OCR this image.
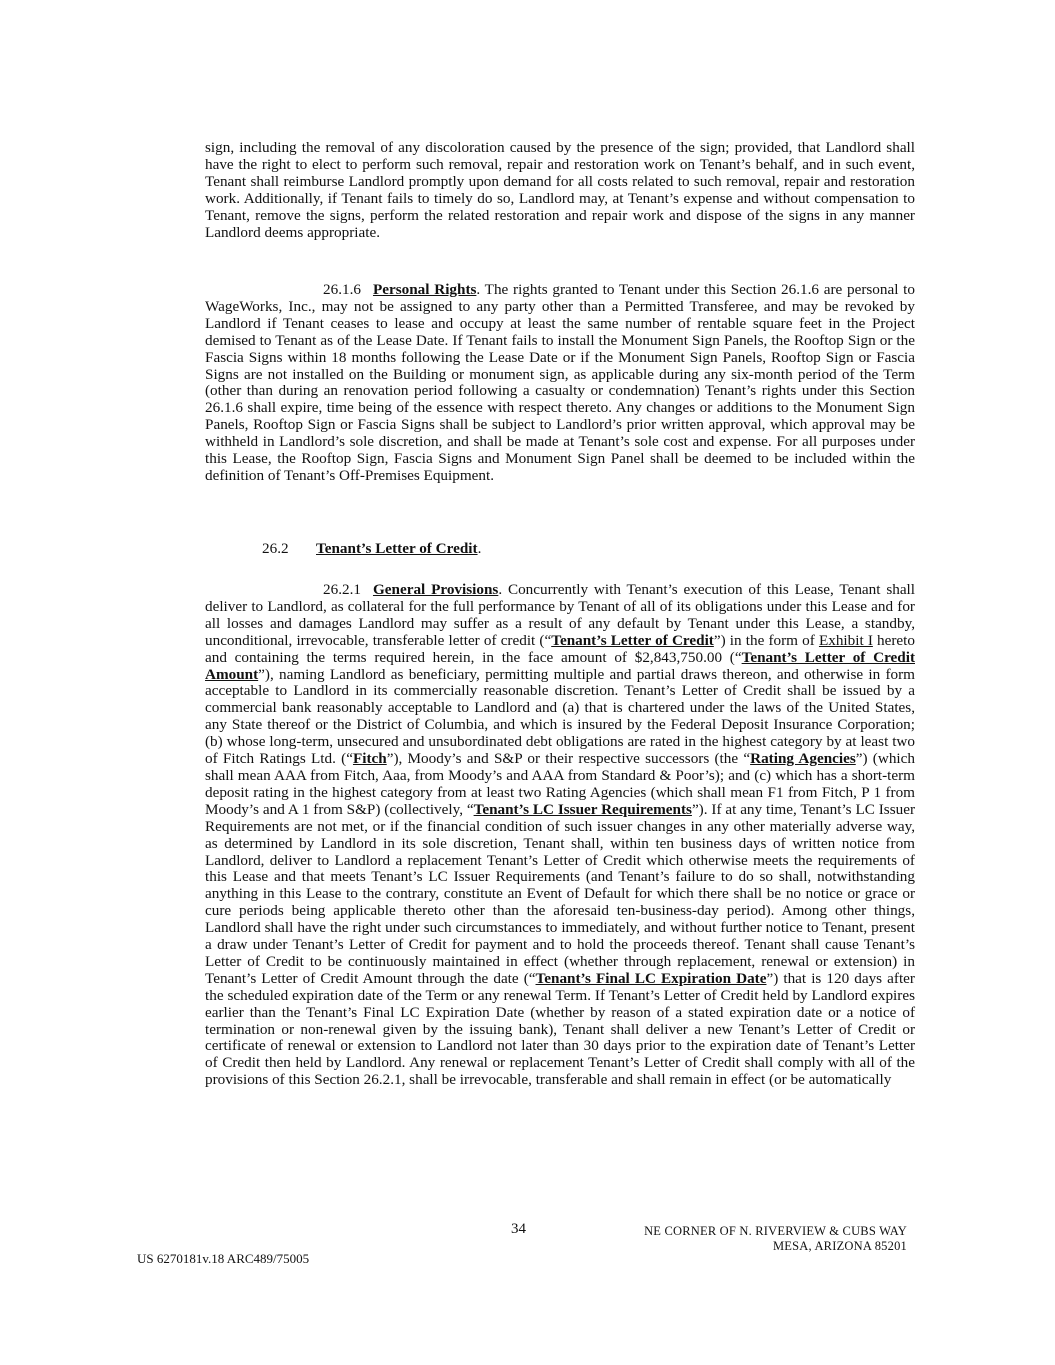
sign, including the removal of any discoloration caused by the presence of the sign; provided, that Landlord shall have the right to elect to perform such removal, repair and restoration work on Tenant’s behalf, and in such event, Tenant shall reimburse Landlord promptly upon demand for all costs related to such removal, repair and restoration work. Additionally, if Tenant fails to timely do so, Landlord may, at Tenant’s expense and without compensation to Tenant, remove the signs, perform the related restoration and repair work and dispose of the signs in any manner Landlord deems appropriate.

26.1.6 Personal Rights. The rights granted to Tenant under this Section 26.1.6 are personal to WageWorks, Inc., may not be assigned to any party other than a Permitted Transferee, and may be revoked by Landlord if Tenant ceases to lease and occupy at least the same number of rentable square feet in the Project demised to Tenant as of the Lease Date. If Tenant fails to install the Monument Sign Panels, the Rooftop Sign or the Fascia Signs within 18 months following the Lease Date or if the Monument Sign Panels, Rooftop Sign or Fascia Signs are not installed on the Building or monument sign, as applicable during any six-month period of the Term (other than during an renovation period following a casualty or condemnation) Tenant’s rights under this Section 26.1.6 shall expire, time being of the essence with respect thereto. Any changes or additions to the Monument Sign Panels, Rooftop Sign or Fascia Signs shall be subject to Landlord’s prior written approval, which approval may be withheld in Landlord’s sole discretion, and shall be made at Tenant’s sole cost and expense. For all purposes under this Lease, the Rooftop Sign, Fascia Signs and Monument Sign Panel shall be deemed to be included within the definition of Tenant’s Off-Premises Equipment.

26.2 Tenant’s Letter of Credit.

26.2.1 General Provisions. Concurrently with Tenant’s execution of this Lease, Tenant shall deliver to Landlord, as collateral for the full performance by Tenant of all of its obligations under this Lease and for all losses and damages Landlord may suffer as a result of any default by Tenant under this Lease, a standby, unconditional, irrevocable, transferable letter of credit (“Tenant’s Letter of Credit”) in the form of Exhibit I hereto and containing the terms required herein, in the face amount of $2,843,750.00 (“Tenant’s Letter of Credit Amount”), naming Landlord as beneficiary, permitting multiple and partial draws thereon, and otherwise in form acceptable to Landlord in its commercially reasonable discretion. Tenant’s Letter of Credit shall be issued by a commercial bank reasonably acceptable to Landlord and (a) that is chartered under the laws of the United States, any State thereof or the District of Columbia, and which is insured by the Federal Deposit Insurance Corporation; (b) whose long-term, unsecured and unsubordinated debt obligations are rated in the highest category by at least two of Fitch Ratings Ltd. (“Fitch”), Moody’s and S&P or their respective successors (the “Rating Agencies”) (which shall mean AAA from Fitch, Aaa, from Moody’s and AAA from Standard & Poor’s); and (c) which has a short-term deposit rating in the highest category from at least two Rating Agencies (which shall mean F1 from Fitch, P 1 from Moody’s and A 1 from S&P) (collectively, “Tenant’s LC Issuer Requirements”). If at any time, Tenant’s LC Issuer Requirements are not met, or if the financial condition of such issuer changes in any other materially adverse way, as determined by Landlord in its sole discretion, Tenant shall, within ten business days of written notice from Landlord, deliver to Landlord a replacement Tenant’s Letter of Credit which otherwise meets the requirements of this Lease and that meets Tenant’s LC Issuer Requirements (and Tenant’s failure to do so shall, notwithstanding anything in this Lease to the contrary, constitute an Event of Default for which there shall be no notice or grace or cure periods being applicable thereto other than the aforesaid ten-business-day period). Among other things, Landlord shall have the right under such circumstances to immediately, and without further notice to Tenant, present a draw under Tenant’s Letter of Credit for payment and to hold the proceeds thereof. Tenant shall cause Tenant’s Letter of Credit to be continuously maintained in effect (whether through replacement, renewal or extension) in Tenant’s Letter of Credit Amount through the date (“Tenant’s Final LC Expiration Date”) that is 120 days after the scheduled expiration date of the Term or any renewal Term. If Tenant’s Letter of Credit held by Landlord expires earlier than the Tenant’s Final LC Expiration Date (whether by reason of a stated expiration date or a notice of termination or non-renewal given by the issuing bank), Tenant shall deliver a new Tenant’s Letter of Credit or certificate of renewal or extension to Landlord not later than 30 days prior to the expiration date of Tenant’s Letter of Credit then held by Landlord. Any renewal or replacement Tenant’s Letter of Credit shall comply with all of the provisions of this Section 26.2.1, shall be irrevocable, transferable and shall remain in effect (or be automatically

34	NE CORNER OF N. RIVERVIEW & CUBS WAY
MESA, ARIZONA 85201
US 6270181v.18 ARC489/75005
